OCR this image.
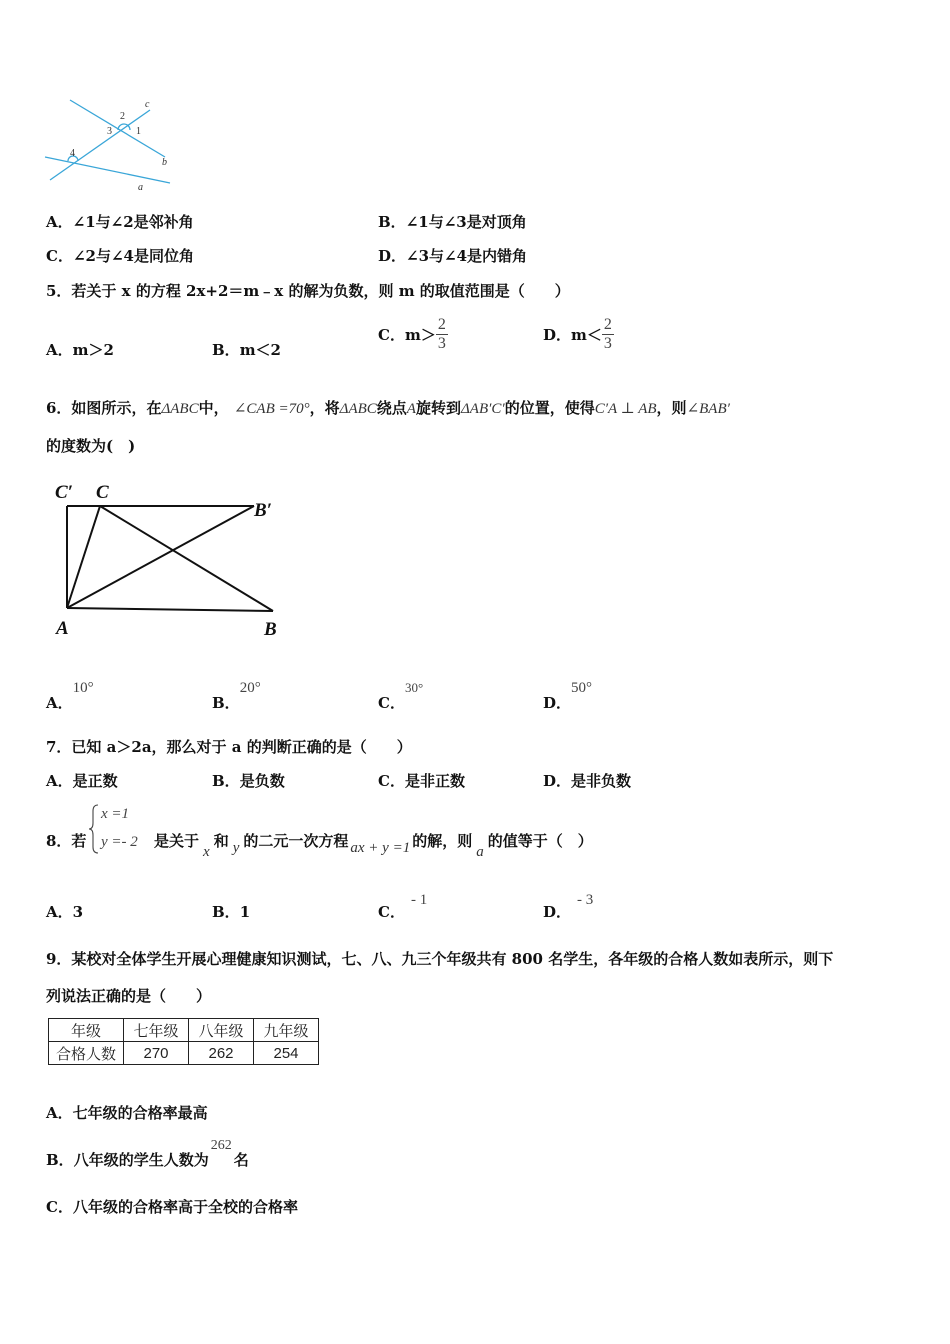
c
b
a
2
3 1
4
A．∠1与∠2是邻补角	B．∠1与∠3是对顶角
C．∠2与∠4是同位角	D．∠3与∠4是内错角
5．若关于 x 的方程 2x+2＝m﹣x 的解为负数，则 m 的取值范围是（　　）
A．m＞2	B．m＜2
C．$m> \frac{2}{3}$	D．$m< \frac{2}{3}$
6．如图所示，在ΔABC中， ∠CAB =70°，将ΔABC绕点A旋转到ΔAB′C′的位置，使得C′A ⊥ AB，则∠BAB′
的度数为(　)
C′ C
B′
A	B
A．10°
B．20°
C．30°
D．50°
7．已知 a＞2a，那么对于 a 的判断正确的是（　　）
A．是正数	B．是负数	C．是非正数	D．是非负数
8．若
x =1
y =- 2 是关于x和 y 的二元一次方程 ax + y =1 的解，则a的值等于（　）
A．3	B．1	C．- 1
D．- 3
9．某校对全体学生开展心理健康知识测试，七、八、九三个年级共有 800 名学生，各年级的合格人数如表所示，则下
列说法正确的是（　　）
年级	七年级	八年级	九年级
合格人数	270	262	254
A．七年级的合格率最高
B．八年级的学生人数为262名
C．八年级的合格率高于全校的合格率
